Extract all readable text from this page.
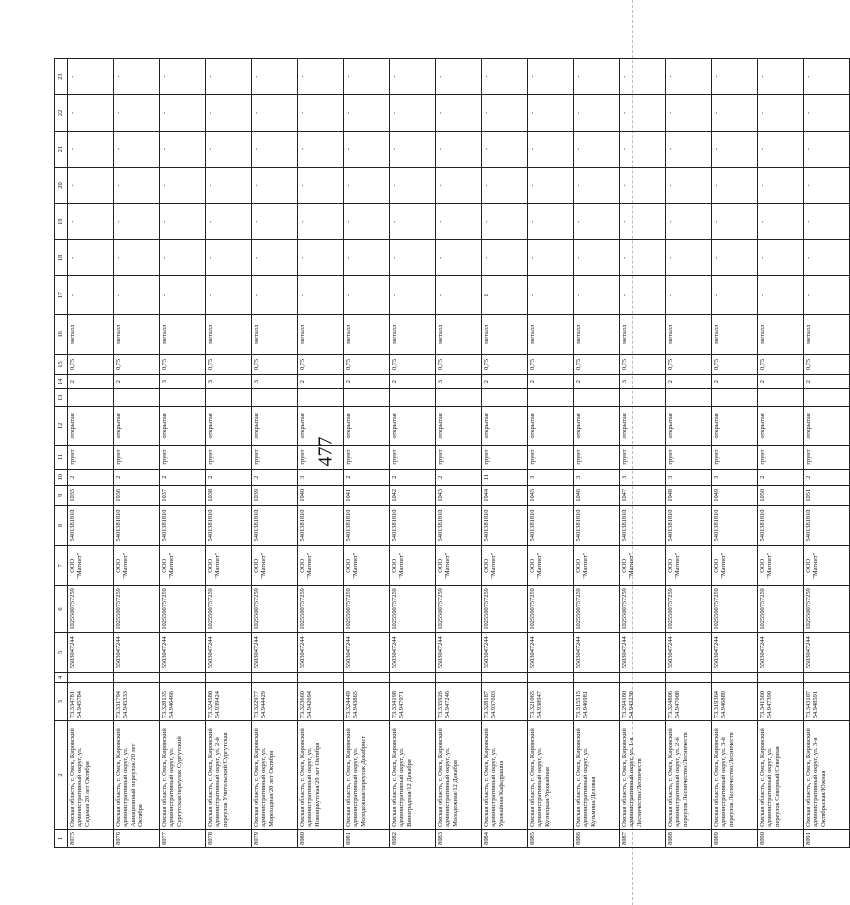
477
1	2	3	4	5	6	7	8	9	10	11	12	13	14	15	16	17	18	19	20	21	22	23
8075	Омская область, г. Омск, Кировский административный округ, ул. Седьмая 20 лет Октября	73.334781 54.945784		5503047244	1025500757259	ООО "Магнит"	5401381810	1035	2	грунт	открытая		2	0,75	металл	-	-	-	-	-	-	-
8076	Омская область, г. Омск, Кировский административный округ, ул. Авиационный переулок/20 лет Октября	73.331794 54.945333		5503047244	1025500757259	ООО "Магнит"	5401381810	1036	2	грунт	открытая		2	0,75	металл	-	-	-	-	-	-	-
8077	Омская область, г. Омск, Кировский административный округ, ул. Сургутская/переулок Сургутский	73.328135 54.946466		5503047244	1025500757259	ООО "Магнит"	5401381810	1037	2	грунт	открытая		3	0,75	металл	-	-	-	-	-	-	-
8078	Омская область, г. Омск, Кировский административный округ, ул. 2-й переулок Учительский/Сургутская	73.324580 54.939424		5503047244	1025500757259	ООО "Магнит"	5401381810	1038	2	грунт	открытая		3	0,75	металл	-	-	-	-	-	-	-
8079	Омская область, г. Омск, Кировский административный округ, ул. Мореходная/20 лет Октября	73.322977 54.944429		5503047244	1025500757259	ООО "Магнит"	5401381810	1039	2	грунт	открытая		3	0,75	металл	-	-	-	-	-	-	-
8080	Омская область, г. Омск, Кировский административный округ, ул. Новоиркутская/20 лет Октября	73.323660 54.942694		5503047244	1025500757259	ООО "Магнит"	5401381810	1040	3	грунт	открытая		2	0,75	металл	-	-	-	-	-	-	-
8081	Омская область, г. Омск, Кировский административный округ, ул. Молодежная/переулок Декабрист	73.324449 54.943865		5503047244	1025500757259	ООО "Магнит"	5401381810	1041	2	грунт	открытая		2	0,75	металл	-	-	-	-	-	-	-
8082	Омская область, г. Омск, Кировский административный округ, ул. Виноградная/12 Декабря	73.334198 54.947071		5503047244	1025500757259	ООО "Магнит"	5401381810	1042	2	грунт	открытая		2	0,75	металл	-	-	-	-	-	-	-
8083	Омская область, г. Омск, Кировский административный округ, ул. Молодежная/12 Декабря	73.335926 54.947246		5503047244	1025500757259	ООО "Магнит"	5401381810	1043	2	грунт	открытая		3	0,75	металл	-	-	-	-	-	-	-
8084	Омская область, г. Омск, Кировский административный округ, ул. Урожайная/Кафедрашна	73.328187 54.937603		5503047244	1025500757259	ООО "Магнит"	5401381810	1044	11	грунт	открытая		2	0,75	металл	1	-	-	-	-	-	-
8085	Омская область, г. Омск, Кировский административный округ, ул. Кузнецкая/Урожайная	73.321065 54.938947		5503047244	1025500757259	ООО "Магнит"	5401381810	1045	3	грунт	открытая		2	0,75	металл	-	-	-	-	-	-	-
8086	Омская область, г. Омск, Кировский административный округ, ул. Кузьмина/Деловая	73.315515 54.946981		5503047244	1025500757259	ООО "Магнит"	5401381810	1046	3	грунт	открытая		2	0,75	металл	-	-	-	-	-	-	-
8087	Омская область, г. Омск, Кировский административный округ, ул. 1-я Лесничество/Лесничеств	73.294180 54.943238		5503047244	1025500757259	ООО "Магнит"	5401381810	1047	3	грунт	открытая		3	0,75	металл	-	-	-	-	-	-	-
8088	Омская область, г. Омск, Кировский административный округ, ул. 2-й переулок Лесничество/Лесничеств	73.324806 54.947008		5503047244	1025500757259	ООО "Магнит"	5401381810	1048	3	грунт	открытая		2	0,75	металл	-	-	-	-	-	-	-
8089	Омская область, г. Омск, Кировский административный округ, ул. 3-й переулок Лесничество/Лесничеств	73.319364 54.946889		5503047244	1025500757259	ООО "Магнит"	5401381810	1049	3	грунт	открытая		2	0,75	металл	-	-	-	-	-	-	-
8090	Омская область, г. Омск, Кировский административный округ, ул. переулок Северный/Северная	73.341560 54.947390		5503047244	1025500757259	ООО "Магнит"	5401381810	1050	2	грунт	открытая		2	0,75	металл	-	-	-	-	-	-	-
8091	Омская область, г. Омск, Кировский административный округ, ул. 3-я Октябрьская/Южная	73.343107 54.948591		5503047244	1025500757259	ООО "Магнит"	5401381810	1051	2	грунт	открытая		2	0,75	металл	-	-	-	-	-	-	-
